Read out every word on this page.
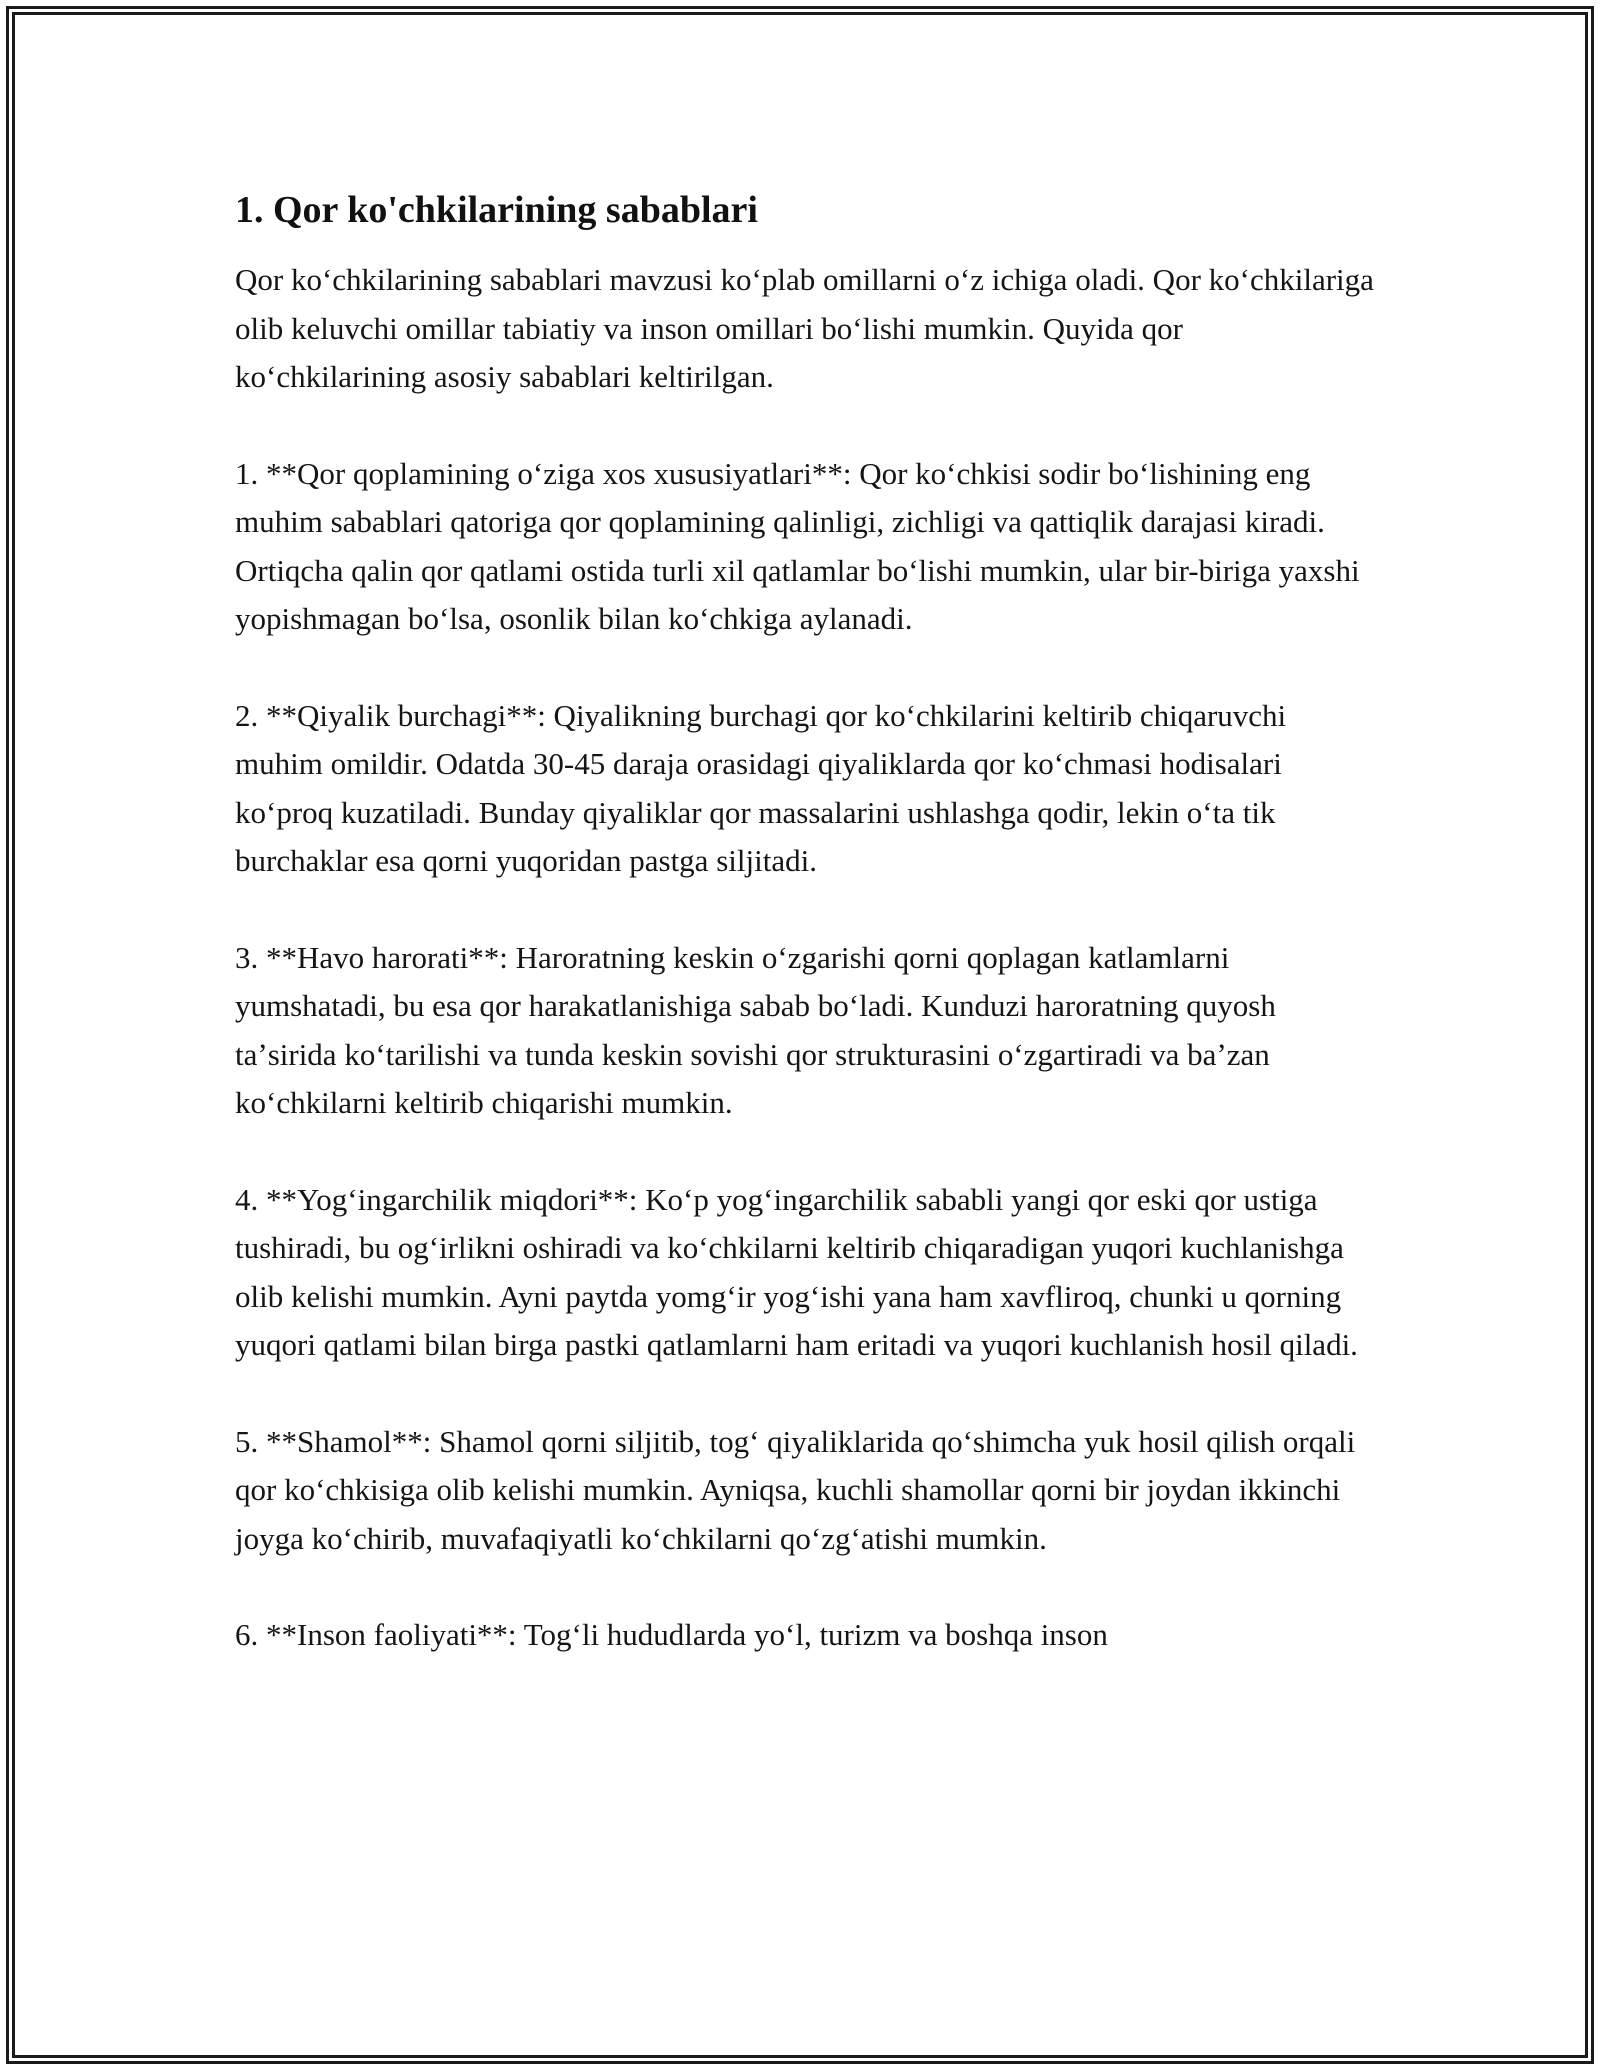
1. Qor ko'chkilarining sabablari

Qor koʻchkilarining sabablari mavzusi koʻplab omillarni oʻz ichiga oladi. Qor koʻchkilariga olib keluvchi omillar tabiatiy va inson omillari boʻlishi mumkin. Quyida qor koʻchkilarining asosiy sabablari keltirilgan.

1. **Qor qoplamining oʻziga xos xususiyatlari**: Qor koʻchkisi sodir boʻlishining eng muhim sabablari qatoriga qor qoplamining qalinligi, zichligi va qattiqlik darajasi kiradi. Ortiqcha qalin qor qatlami ostida turli xil qatlamlar boʻlishi mumkin, ular bir-biriga yaxshi yopishmagan boʻlsa, osonlik bilan koʻchkiga aylanadi.

2. **Qiyalik burchagi**: Qiyalikning burchagi qor koʻchkilarini keltirib chiqaruvchi muhim omildir. Odatda 30-45 daraja orasidagi qiyaliklarda qor koʻchmasi hodisalari koʻproq kuzatiladi. Bunday qiyaliklar qor massalarini ushlashga qodir, lekin oʻta tik burchaklar esa qorni yuqoridan pastga siljitadi.

3. **Havo harorati**: Haroratning keskin oʻzgarishi qorni qoplagan katlamlarni yumshatadi, bu esa qor harakatlanishiga sabab boʻladi. Kunduzi haroratning quyosh taʼsirida koʻtarilishi va tunda keskin sovishi qor strukturasini oʻzgartiradi va baʼzan koʻchkilarni keltirib chiqarishi mumkin.

4. **Yogʻingarchilik miqdori**: Koʻp yogʻingarchilik sababli yangi qor eski qor ustiga tushiradi, bu ogʻirlikni oshiradi va koʻchkilarni keltirib chiqaradigan yuqori kuchlanishga olib kelishi mumkin. Ayni paytda yomgʻir yogʻishi yana ham xavfliroq, chunki u qorning yuqori qatlami bilan birga pastki qatlamlarni ham eritadi va yuqori kuchlanish hosil qiladi.

5. **Shamol**: Shamol qorni siljitib, togʻ qiyaliklarida qoʻshimcha yuk hosil qilish orqali qor koʻchkisiga olib kelishi mumkin. Ayniqsa, kuchli shamollar qorni bir joydan ikkinchi joyga koʻchirib, muvafaqiyatli koʻchkilarni qoʻzgʻatishi mumkin.

6. **Inson faoliyati**: Togʻli hududlarda yoʻl, turizm va boshqa inson
